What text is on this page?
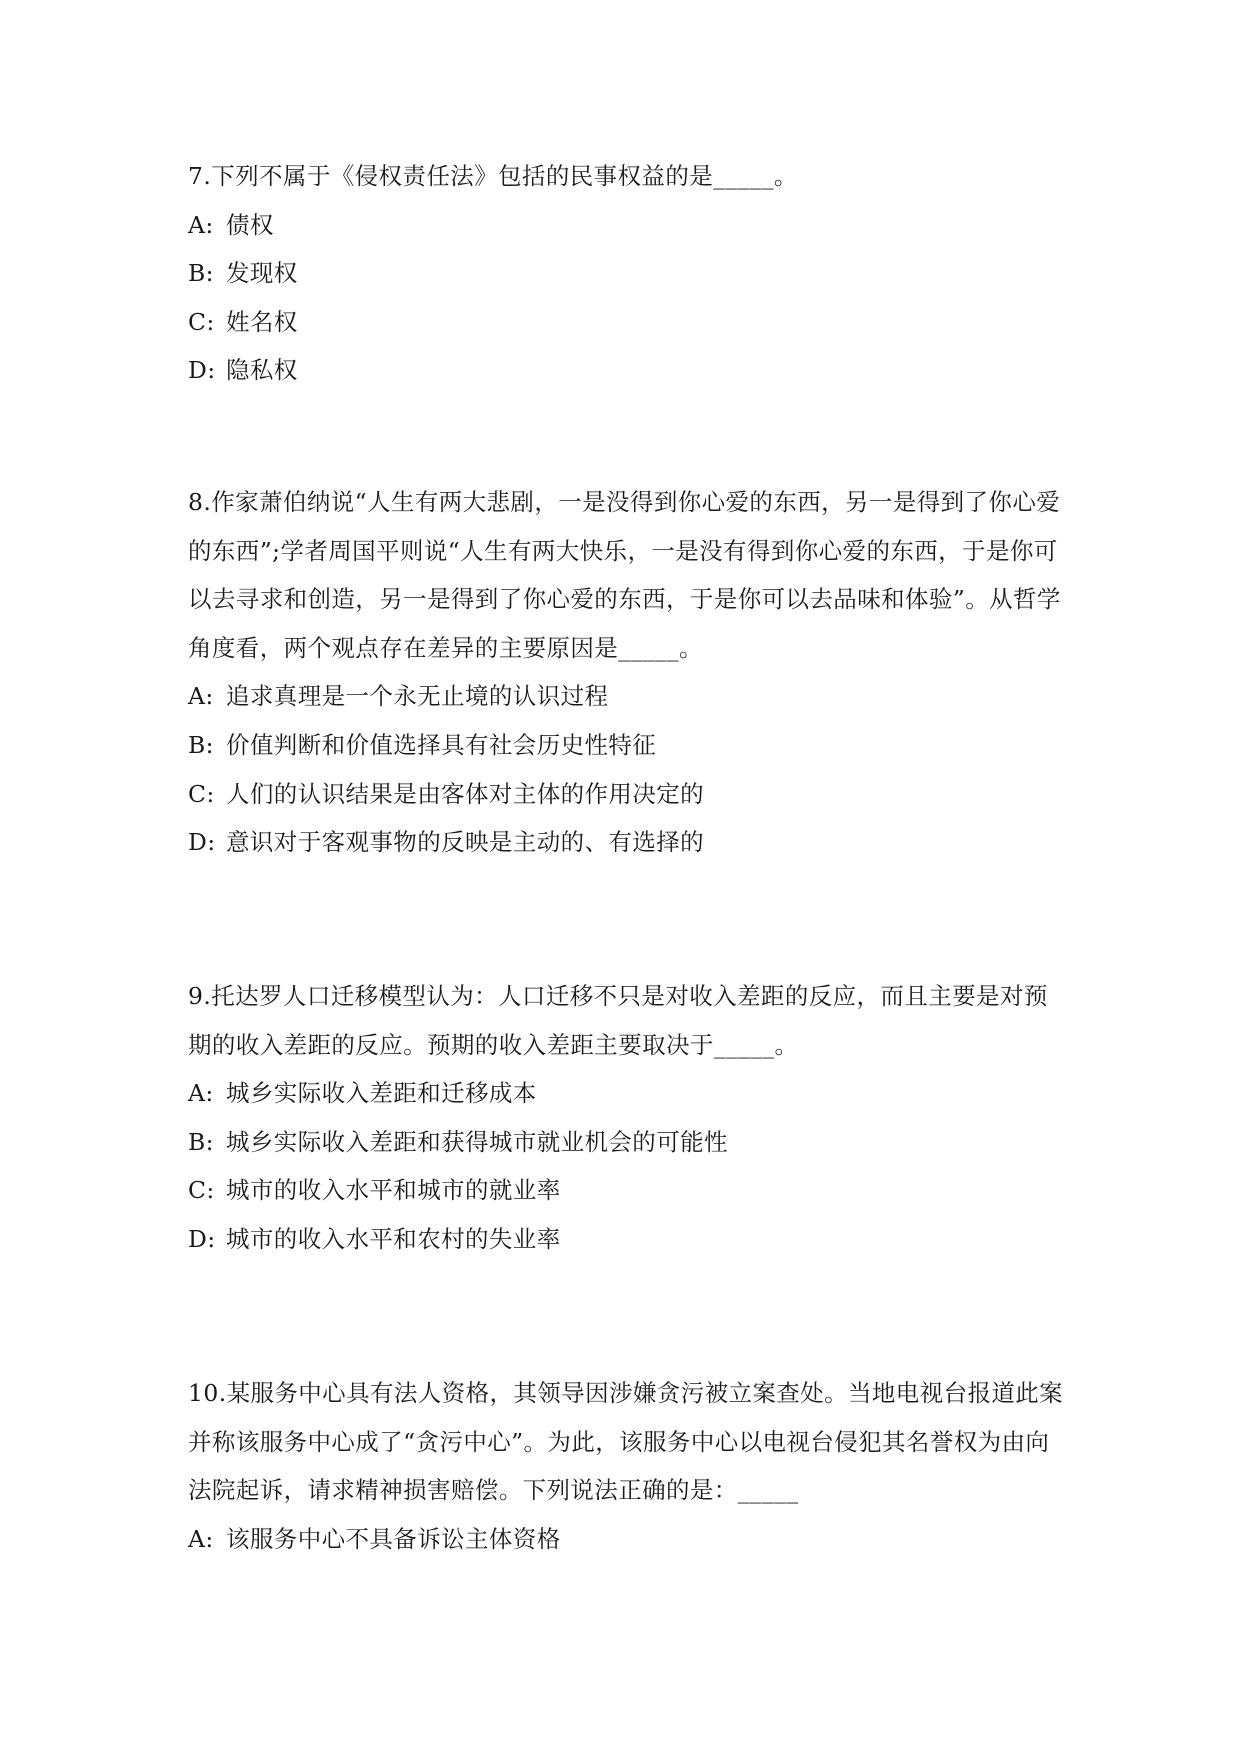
7.下列不属于《侵权责任法》包括的民事权益的是_____。

A: 债权

B: 发现权

C: 姓名权

D: 隐私权

8.作家萧伯纳说“人生有两大悲剧，一是没得到你心爱的东西，另一是得到了你心爱的东西”;学者周国平则说“人生有两大快乐，一是没有得到你心爱的东西，于是你可以去寻求和创造，另一是得到了你心爱的东西，于是你可以去品味和体验”。从哲学角度看，两个观点存在差异的主要原因是_____。

A: 追求真理是一个永无止境的认识过程

B: 价值判断和价值选择具有社会历史性特征

C: 人们的认识结果是由客体对主体的作用决定的

D: 意识对于客观事物的反映是主动的、有选择的

9.托达罗人口迁移模型认为：人口迁移不只是对收入差距的反应，而且主要是对预期的收入差距的反应。预期的收入差距主要取决于_____。

A: 城乡实际收入差距和迁移成本

B: 城乡实际收入差距和获得城市就业机会的可能性

C: 城市的收入水平和城市的就业率

D: 城市的收入水平和农村的失业率

10.某服务中心具有法人资格，其领导因涉嫌贪污被立案查处。当地电视台报道此案并称该服务中心成了“贪污中心”。为此，该服务中心以电视台侵犯其名誉权为由向法院起诉，请求精神损害赔偿。下列说法正确的是：_____

A: 该服务中心不具备诉讼主体资格
